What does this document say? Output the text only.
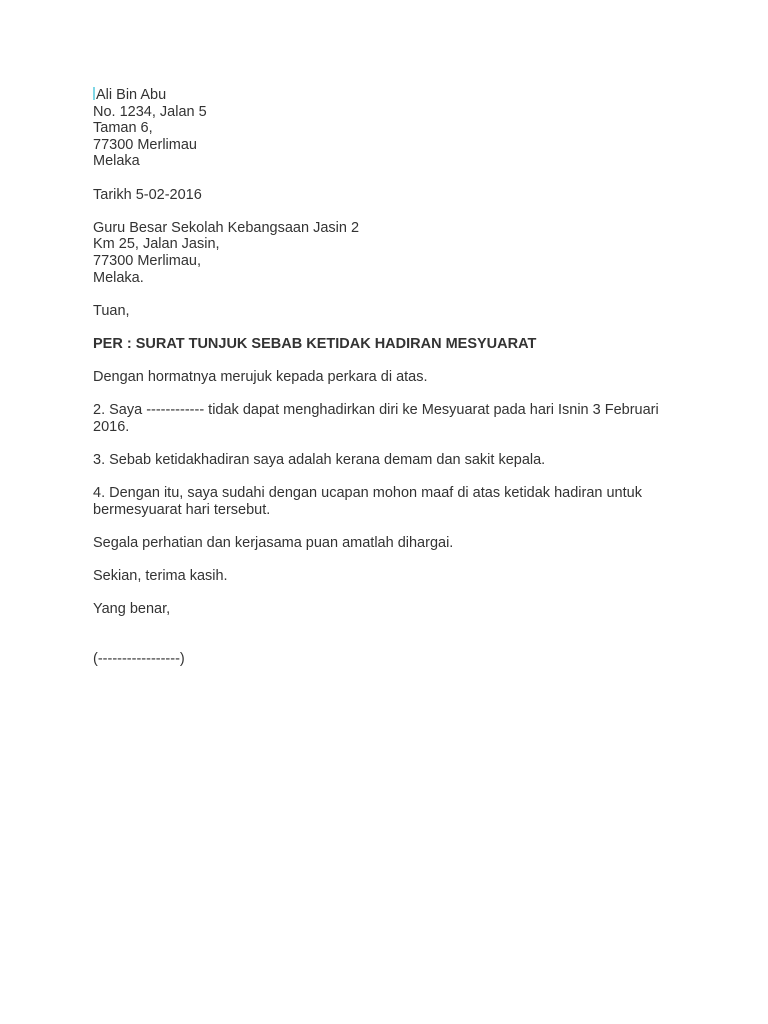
Ali Bin Abu
No. 1234, Jalan 5
Taman 6,
77300 Merlimau
Melaka
Tarikh 5-02-2016
Guru Besar Sekolah Kebangsaan Jasin 2
Km 25, Jalan Jasin,
77300 Merlimau,
Melaka.
Tuan,
PER : SURAT TUNJUK SEBAB KETIDAK HADIRAN MESYUARAT
Dengan hormatnya merujuk kepada perkara di atas.
2. Saya ------------ tidak dapat menghadirkan diri ke Mesyuarat pada hari Isnin 3 Februari 2016.
3. Sebab ketidakhadiran saya adalah kerana demam dan sakit kepala.
4. Dengan itu, saya sudahi dengan ucapan mohon maaf di atas ketidak hadiran untuk bermesyuarat hari tersebut.
Segala perhatian dan kerjasama puan amatlah dihargai.
Sekian, terima kasih.
Yang benar,
(-----------------)
